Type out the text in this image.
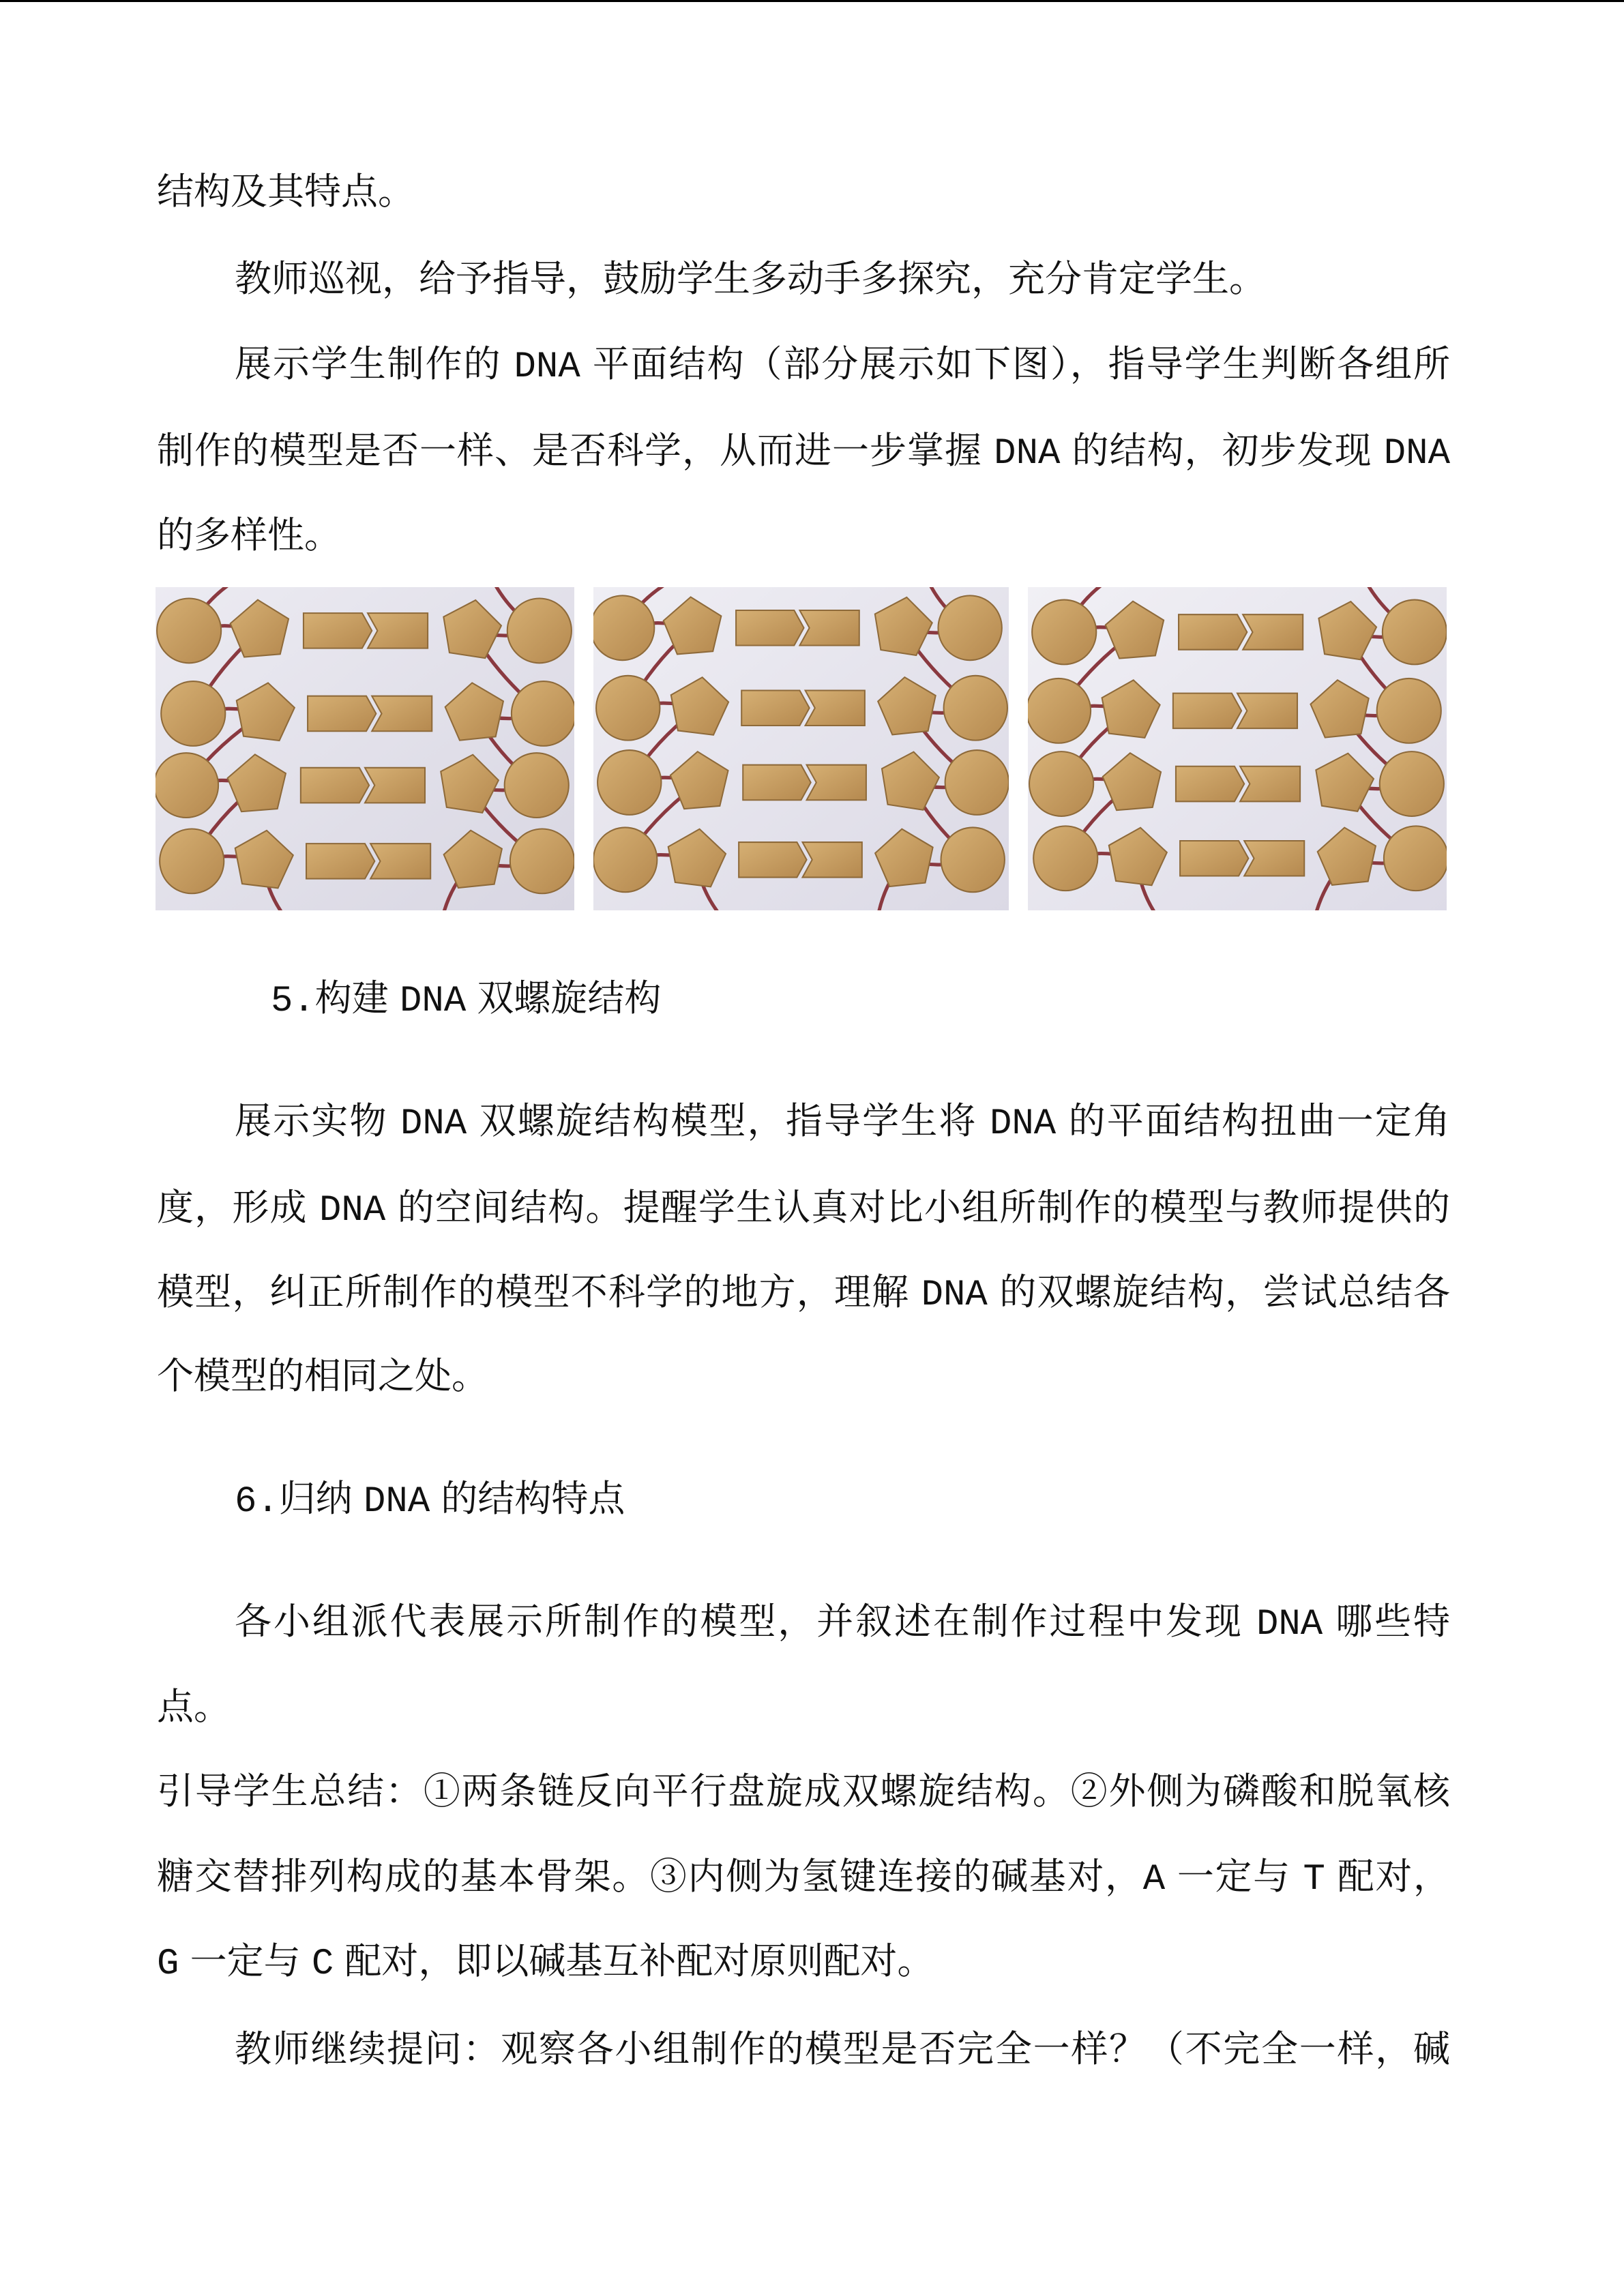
结构及其特点。
教师巡视，给予指导，鼓励学生多动手多探究，充分肯定学生。
展示学生制作的 DNA 平面结构（部分展示如下图），指导学生判断各组所
制作的模型是否一样、是否科学，从而进一步掌握 DNA 的结构，初步发现 DNA
的多样性。
5.构建 DNA 双螺旋结构
展示实物 DNA 双螺旋结构模型，指导学生将 DNA 的平面结构扭曲一定角
度，形成 DNA 的空间结构。提醒学生认真对比小组所制作的模型与教师提供的
模型，纠正所制作的模型不科学的地方，理解 DNA 的双螺旋结构，尝试总结各
个模型的相同之处。
6.归纳 DNA 的结构特点
各小组派代表展示所制作的模型，并叙述在制作过程中发现 DNA 哪些特
点。
引导学生总结：①两条链反向平行盘旋成双螺旋结构。②外侧为磷酸和脱氧核
糖交替排列构成的基本骨架。③内侧为氢键连接的碱基对，A 一定与 T 配对，
G 一定与 C 配对，即以碱基互补配对原则配对。
教师继续提问：观察各小组制作的模型是否完全一样？（不完全一样，碱
